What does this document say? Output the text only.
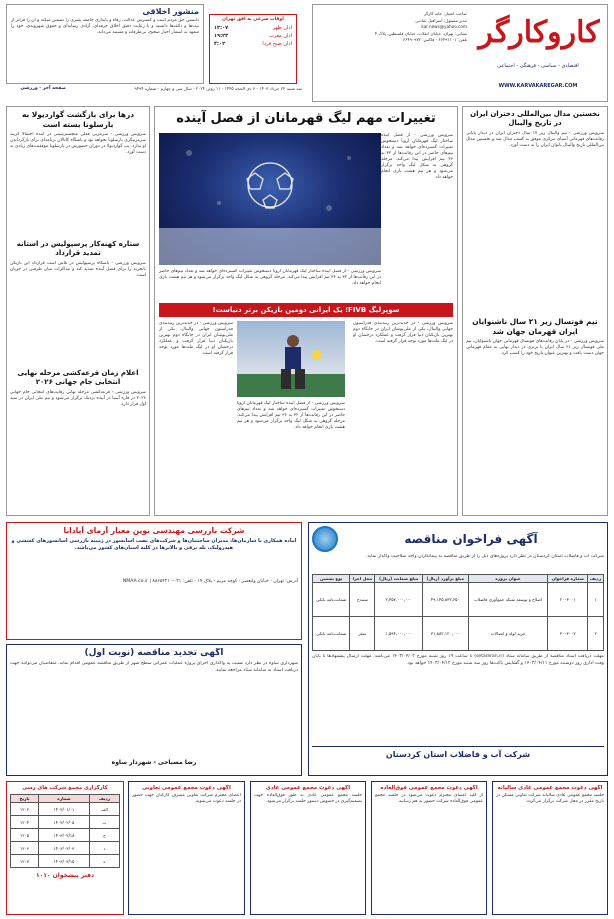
کاروکارگر
اقتصادی - سیاسی - فرهنگی - اجتماعی
WWW.KARVAKAREGAR.COM
صاحب امتیاز: خانه کارگر
مدیر مسئول: اسرافیل عبادتی
kar.news@yahoo.com
نشانی: تهران، خیابان انقلاب، خیابان فلسطین، پلاک ۴
تلفن: ۶۶۴۹۱۱۰۱ - فاکس: ۶۶۴۹۰۹۷۲
اوقات شرعی به افق تهران
اذان ظهر
۱۳:۰۷
اذان مغرب
۱۹:۲۳
اذان صبح فردا
۴:۰۲
منشور اخلاقی
دانستن حق مردم است و گسترش عدالت، رفاه و پایداری جامعه بشری را تضمین میکند و آن را فراتر از نیت‌ها و ذائقه‌ها دانسته و با رعایت دقیق اخلاق حرفه‌ای، آزادی رسانه‌ای و حقوق شهروندی، خود را متعهد به انتشار اخبار صحیح، بی‌طرفانه و مستند می‌داند.
صفحه آخر - ورزشی	سه شنبه ۲۲ خرداد ۱۴۰۳ - ۶ ذی الحجه ۱۴۴۵ - ۱۱ ژوئن ۲۰۲۴ - سال سی و چهارم - شماره ۹۴۹۴
نخستین مدال بین‌المللی دختران ایران در تاریخ والیبال
سرویس ورزشی - تیم والیبال زیر ۱۷ سال دختران ایران در دیدار پایانی رقابت‌های قهرمانی آسیای مرکزی موفق به کسب مدال شد و نخستین مدال بین‌المللی تاریخ والیبال بانوان ایران را به دست آورد.
تیم فوتسال زیر ۲۱ سال ناشنوایان ایران قهرمان جهان شد
سرویس ورزشی - در پایان رقابت‌های فوتسال قهرمانی جهان ناشنوایان، تیم ملی فوتسال زیر ۲۱ سال ایران با برتری در دیدار نهایی به مقام قهرمانی جهان دست یافت و بهترین عنوان تاریخ خود را کسب کرد.
تغییرات مهم لیگ قهرمانان از فصل آینده
سرویس ورزشی - از فصل آینده ساختار لیگ قهرمانان اروپا دستخوش تغییرات گسترده‌ای خواهد شد و تعداد تیم‌های حاضر در این رقابت‌ها از ۳۲ به ۳۶ تیم افزایش پیدا می‌کند. مرحله گروهی به شکل لیگ واحد برگزار می‌شود و هر تیم هشت بازی انجام خواهد داد.
سرویس ورزشی - از فصل آینده ساختار لیگ قهرمانان اروپا دستخوش تغییرات گسترده‌ای خواهد شد و تعداد تیم‌های حاضر در این رقابت‌ها از ۳۲ به ۳۶ تیم افزایش پیدا می‌کند. مرحله گروهی به شکل لیگ واحد برگزار می‌شود و هر تیم هشت بازی انجام خواهد داد.
سوپرلیگ FIVB؛ یک ایرانی دومین بازیکن برتر دنیاست!
سرویس ورزشی - در جدیدترین رتبه‌بندی فدراسیون جهانی والیبال، یکی از ملی‌پوشان ایران در جایگاه دوم بهترین بازیکنان دنیا قرار گرفت و عملکرد درخشان او در لیگ ملت‌ها مورد توجه قرار گرفته است.
سرویس ورزشی - در جدیدترین رتبه‌بندی فدراسیون جهانی والیبال، یکی از ملی‌پوشان ایران در جایگاه دوم بهترین بازیکنان دنیا قرار گرفت و عملکرد درخشان او در لیگ ملت‌ها مورد توجه قرار گرفته است.
سرویس ورزشی - از فصل آینده ساختار لیگ قهرمانان اروپا دستخوش تغییرات گسترده‌ای خواهد شد و تعداد تیم‌های حاضر در این رقابت‌ها از ۳۲ به ۳۶ تیم افزایش پیدا می‌کند. مرحله گروهی به شکل لیگ واحد برگزار می‌شود و هر تیم هشت بازی انجام خواهد داد.
درها برای بازگشت گواردیولا به بارسلونا بسته است
سرویس ورزشی - سرمربی فعلی منچسترسیتی در آینده احتمالاً گزینه سرمربیگری بارسلونا نخواهد بود و باشگاه کاتالان برنامه‌ای برای بازگرداندن او ندارد. پپ گواردیولا در دوران حضورش در بارسلونا موفقیت‌های زیادی به دست آورد.
ستاره کهنه‌کار پرسپولیس در آستانه تمدید قرارداد
سرویس ورزشی - باشگاه پرسپولیس در تلاش است قرارداد این بازیکن باتجربه را برای فصل آینده تمدید کند و مذاکرات میان طرفین در جریان است.
اعلام زمان قرعه‌کشی مرحله نهایی انتخابی جام جهانی ۲۰۲۶
سرویس ورزشی - قرعه‌کشی مرحله نهایی رقابت‌های انتخابی جام جهانی ۲۰۲۶ در قاره آسیا در آینده نزدیک برگزار می‌شود و تیم ملی ایران در سید اول قرار دارد.
آگهی فراخوان مناقصه
شرکت آب و فاضلاب استان کردستان در نظر دارد پروژه‌های ذیل را از طریق مناقصه به پیمانکاران واجد صلاحیت واگذار نماید.
ردیف	شماره فراخوان	عنوان پروژه	مبلغ برآورد (ریال)	مبلغ ضمانت (ریال)	محل اجرا	نوع تضمین
۱	۲۰۰۳۰۰۱	اصلاح و توسعه شبکه جمع‌آوری فاضلاب	۴۹,۱۴۵,۸۳۲,۶۵۰	۲,۴۵۷,۰۰۰,۰۰۰	سنندج	ضمانت‌نامه بانکی
۲	۲۰۰۳۰۰۲	خرید لوله و اتصالات	۳۱,۸۸۲,۱۲۰,۰۰۰	۱,۵۹۴,۰۰۰,۰۰۰	سقز	ضمانت‌نامه بانکی
مهلت دریافت اسناد مناقصه از طریق سامانه ستاد (setadiran.ir) تا ساعت ۱۹ روز شنبه مورخ ۱۴۰۳/۰۴/۰۲ می‌باشد. مهلت ارسال پیشنهادها تا پایان وقت اداری روز دوشنبه مورخ ۱۴۰۳/۰۴/۱۱ و گشایش پاکت‌ها روز سه شنبه مورخ ۱۴۰۳/۰۴/۱۲ خواهد بود.
شرکت آب و فاضلاب استان کردستان
شرکت بازرسی مهندسی نوین معیار آزمای آپادانا
آماده همکاری با سازمان‌ها، مدیران ساختمان‌ها و شرکت‌های نصب آسانسور در زمینه بازرسی آسانسورهای کششی و هیدرولیک، پله برقی و بالابرها در کلیه استان‌های کشور می‌باشد.
آدرس: تهران - خیابان ولیعصر - کوچه مریم - پلاک ۱۷ - تلفن: ۰۲۱-۸۸۶۵۴۲۱۰ | NMAA.co.ir
آگهی تجدید مناقصه (نوبت اول)
شهرداری ساوه در نظر دارد نسبت به واگذاری اجرای پروژه عملیات عمرانی سطح شهر از طریق مناقصه عمومی اقدام نماید. متقاضیان می‌توانند جهت دریافت اسناد به سامانه ستاد مراجعه نمایند.
رضا مصباحی - شهردار ساوه
آگهی دعوت مجمع عمومی عادی سالیانه
جلسه مجمع عمومی عادی سالیانه شرکت تعاونی مسکن در تاریخ مقرر در محل شرکت برگزار می‌گردد.
آگهی دعوت مجمع عمومی فوق‌العاده
از کلیه اعضای محترم دعوت می‌شود در جلسه مجمع عمومی فوق‌العاده شرکت حضور به هم رسانند.
آگهی دعوت مجمع عمومی عادی
جلسه مجمع عمومی عادی به طور فوق‌العاده جهت تصمیم‌گیری در خصوص دستور جلسه برگزار می‌شود.
آگهی دعوت مجمع عمومی تعاونی
اعضای محترم شرکت تعاونی مصرف کارکنان جهت حضور در جلسه دعوت می‌شوند.
کارگزاری مجمع شرکت های رسی
ردیف	شماره	تاریخ
الف	۱۴۰۳/۰۱/۰۱	۱۲۰۳
ب	۱۴۰۳/۰۲/۰۵	۱۲۰۴
ج	۱۴۰۳/۰۲/۱۸	۱۲۰۵
د	۱۴۰۳/۰۳/۰۳	۱۲۰۶
ه	۱۴۰۳/۰۳/۱۵	۱۲۰۷
دفتر پیشخوان ۱۰۱۰
